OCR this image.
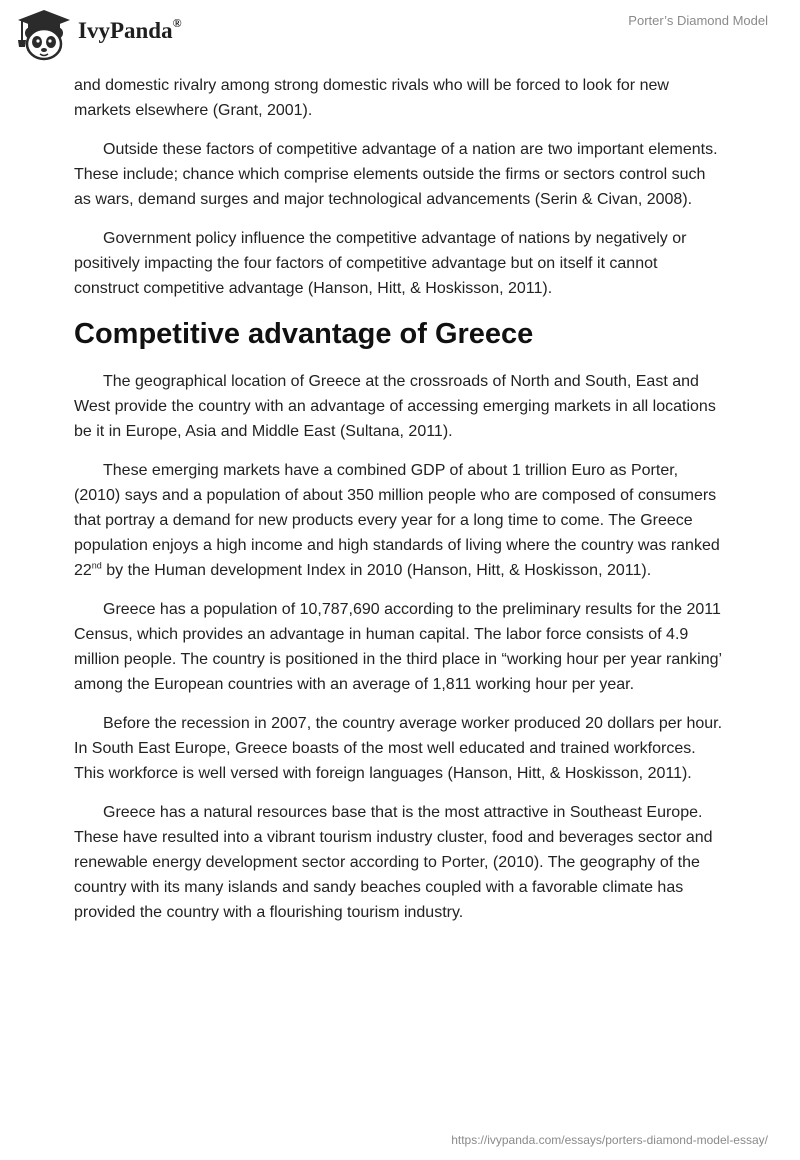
IvyPanda®	Porter’s Diamond Model

and domestic rivalry among strong domestic rivals who will be forced to look for new markets elsewhere (Grant, 2001).

Outside these factors of competitive advantage of a nation are two important elements. These include; chance which comprise elements outside the firms or sectors control such as wars, demand surges and major technological advancements (Serin & Civan, 2008).

Government policy influence the competitive advantage of nations by negatively or positively impacting the four factors of competitive advantage but on itself it cannot construct competitive advantage (Hanson, Hitt, & Hoskisson, 2011).

Competitive advantage of Greece

The geographical location of Greece at the crossroads of North and South, East and West provide the country with an advantage of accessing emerging markets in all locations be it in Europe, Asia and Middle East (Sultana, 2011).

These emerging markets have a combined GDP of about 1 trillion Euro as Porter, (2010) says and a population of about 350 million people who are composed of consumers that portray a demand for new products every year for a long time to come. The Greece population enjoys a high income and high standards of living where the country was ranked 22nd by the Human development Index in 2010 (Hanson, Hitt, & Hoskisson, 2011).

Greece has a population of 10,787,690 according to the preliminary results for the 2011 Census, which provides an advantage in human capital. The labor force consists of 4.9 million people. The country is positioned in the third place in “working hour per year ranking’ among the European countries with an average of 1,811 working hour per year.

Before the recession in 2007, the country average worker produced 20 dollars per hour. In South East Europe, Greece boasts of the most well educated and trained workforces. This workforce is well versed with foreign languages (Hanson, Hitt, & Hoskisson, 2011).

Greece has a natural resources base that is the most attractive in Southeast Europe. These have resulted into a vibrant tourism industry cluster, food and beverages sector and renewable energy development sector according to Porter, (2010). The geography of the country with its many islands and sandy beaches coupled with a favorable climate has provided the country with a flourishing tourism industry.

https://ivypanda.com/essays/porters-diamond-model-essay/
